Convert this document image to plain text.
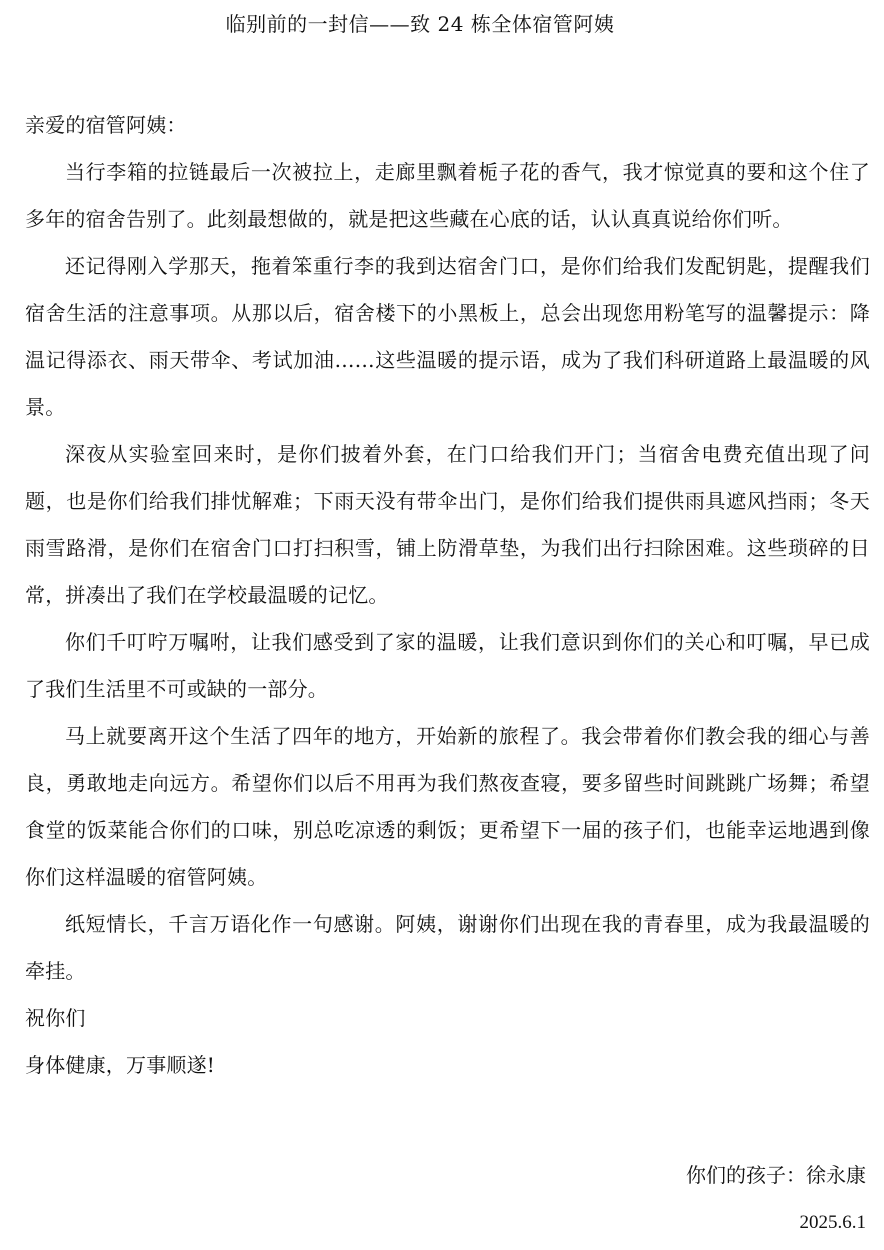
临别前的一封信——致 24 栋全体宿管阿姨

亲爱的宿管阿姨：

当行李箱的拉链最后一次被拉上，走廊里飘着栀子花的香气，我才惊觉真的要和这个住了多年的宿舍告别了。此刻最想做的，就是把这些藏在心底的话，认认真真说给你们听。

还记得刚入学那天，拖着笨重行李的我到达宿舍门口，是你们给我们发配钥匙，提醒我们宿舍生活的注意事项。从那以后，宿舍楼下的小黑板上，总会出现您用粉笔写的温馨提示：降温记得添衣、雨天带伞、考试加油……这些温暖的提示语，成为了我们科研道路上最温暖的风景。

深夜从实验室回来时，是你们披着外套，在门口给我们开门；当宿舍电费充值出现了问题，也是你们给我们排忧解难；下雨天没有带伞出门，是你们给我们提供雨具遮风挡雨；冬天雨雪路滑，是你们在宿舍门口打扫积雪，铺上防滑草垫，为我们出行扫除困难。这些琐碎的日常，拼凑出了我们在学校最温暖的记忆。

你们千叮咛万嘱咐，让我们感受到了家的温暖，让我们意识到你们的关心和叮嘱，早已成了我们生活里不可或缺的一部分。

马上就要离开这个生活了四年的地方，开始新的旅程了。我会带着你们教会我的细心与善良，勇敢地走向远方。希望你们以后不用再为我们熬夜查寝，要多留些时间跳跳广场舞；希望食堂的饭菜能合你们的口味，别总吃凉透的剩饭；更希望下一届的孩子们，也能幸运地遇到像你们这样温暖的宿管阿姨。

纸短情长，千言万语化作一句感谢。阿姨，谢谢你们出现在我的青春里，成为我最温暖的牵挂。

祝你们

身体健康，万事顺遂!

你们的孩子：徐永康
2025.6.1
